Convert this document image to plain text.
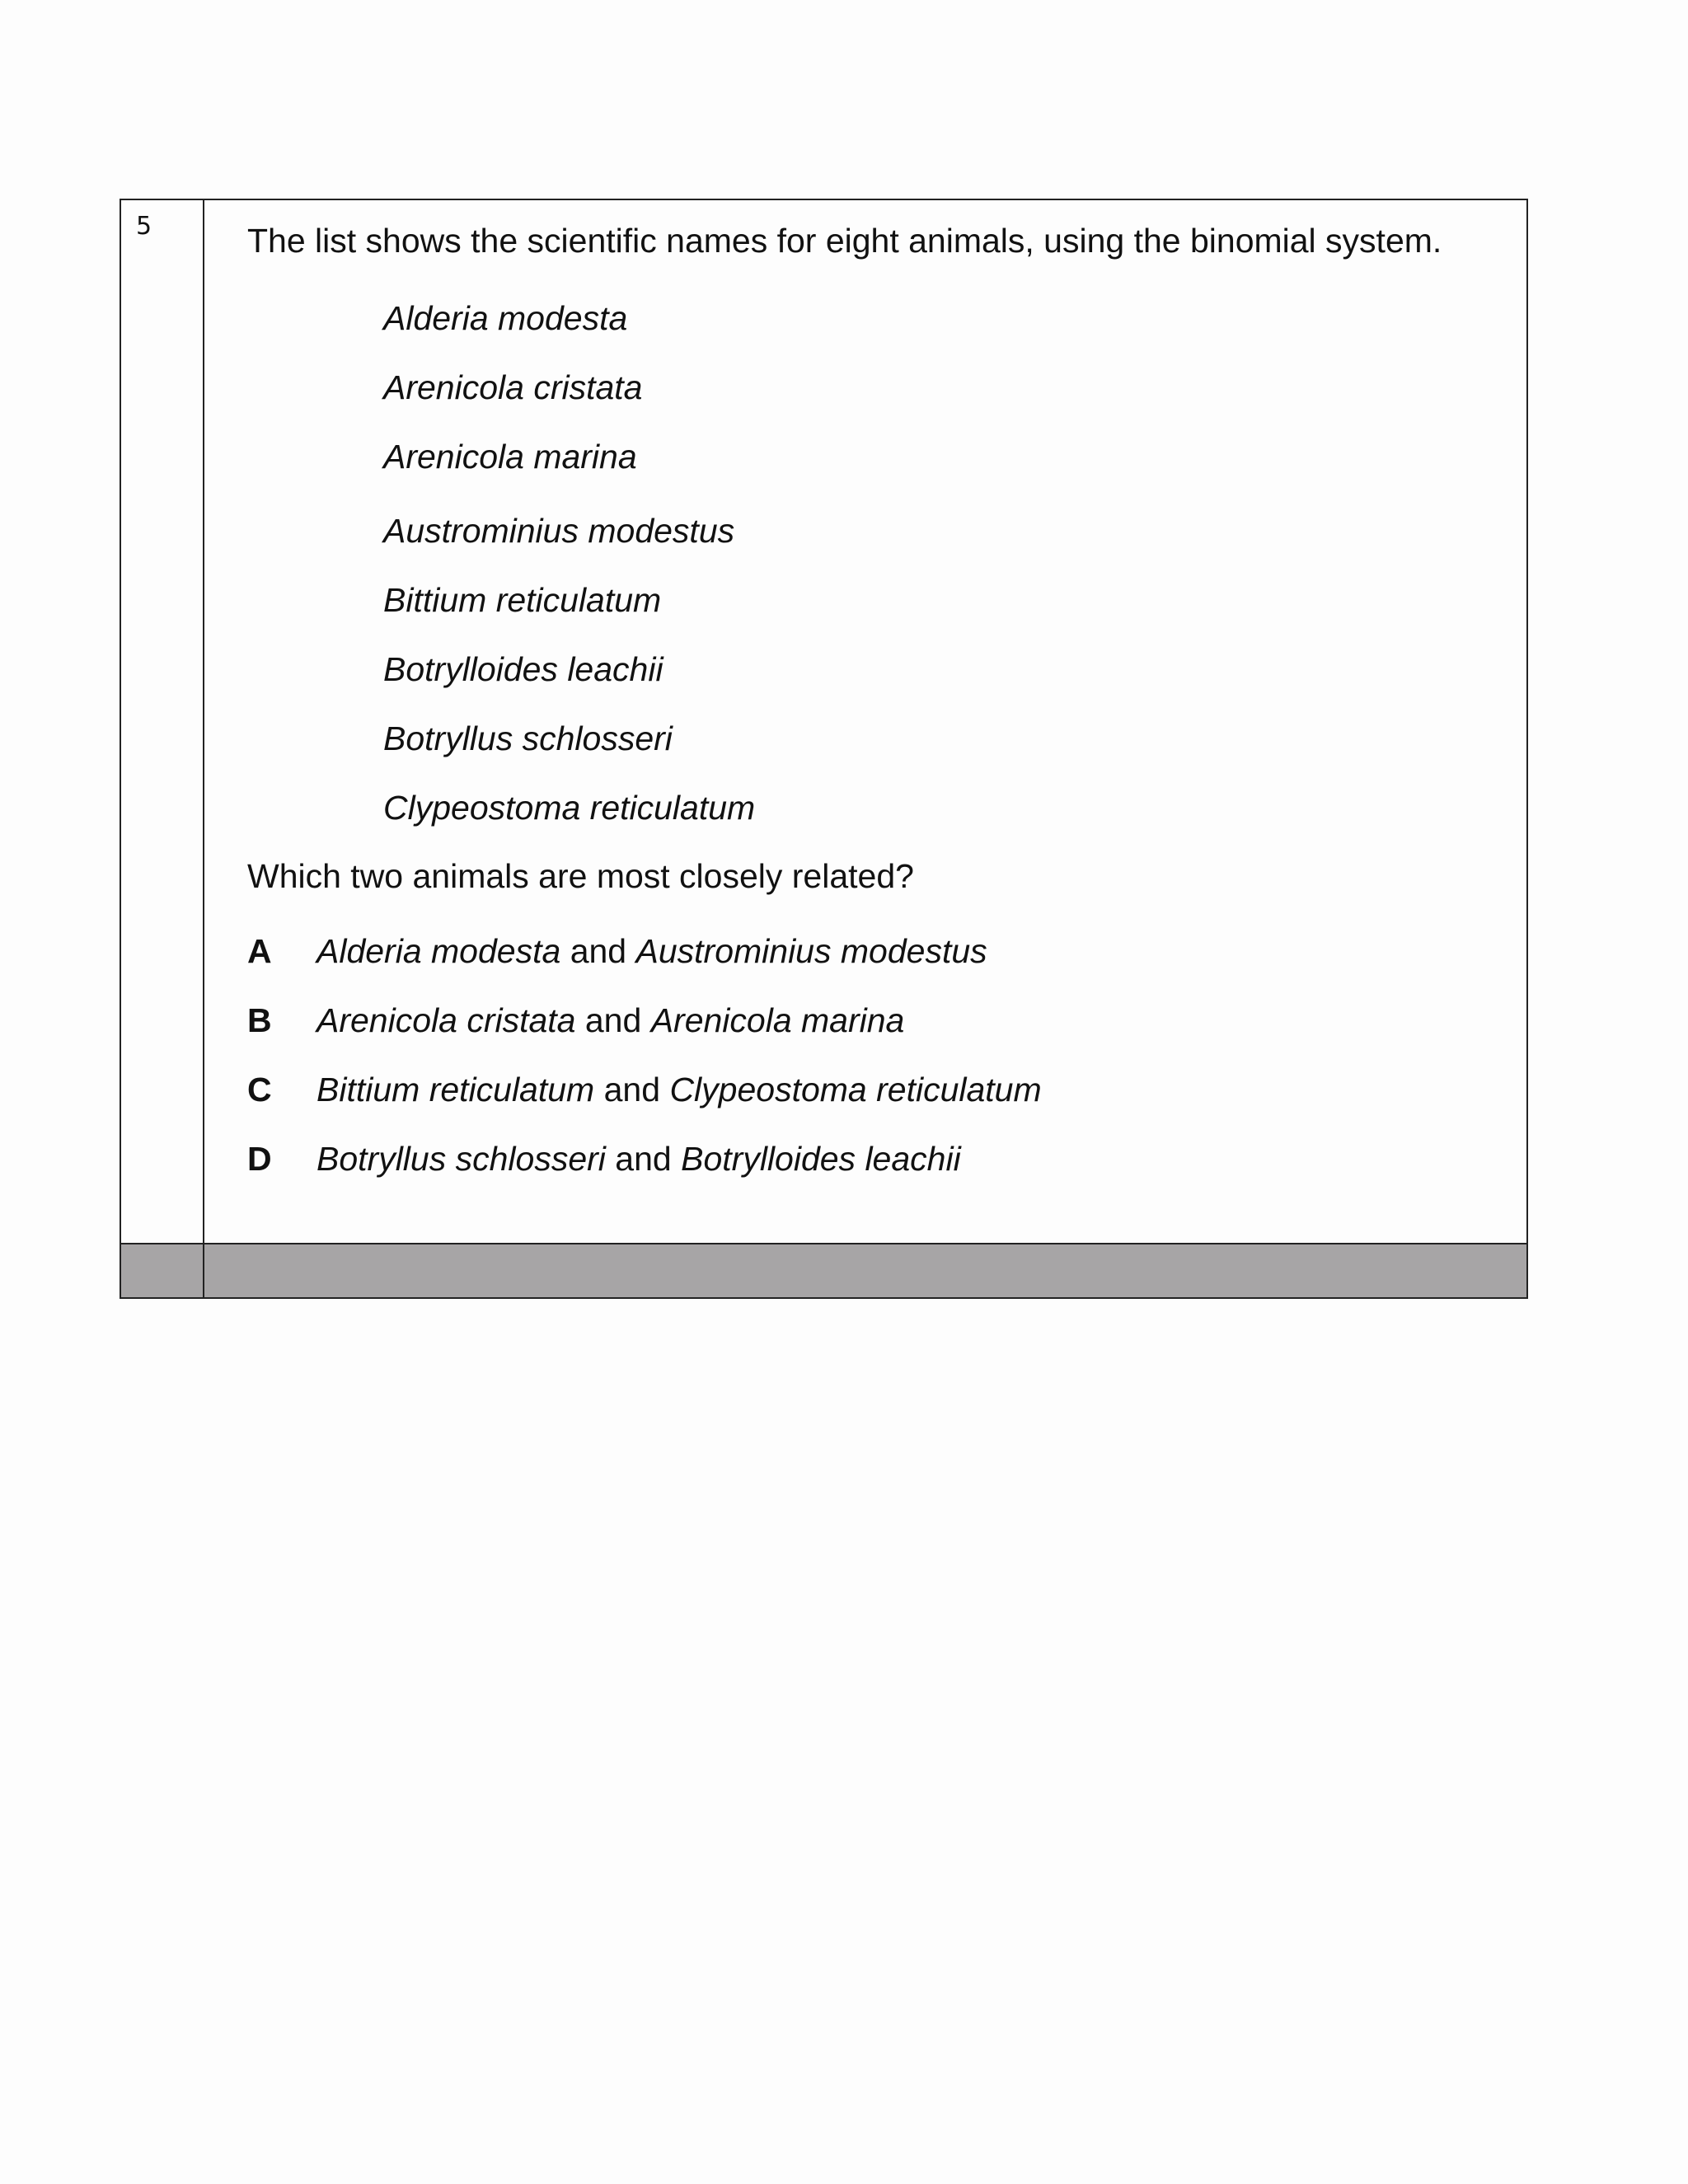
5	The list shows the scientific names for eight animals, using the binomial system.
Alderia modesta
Arenicola cristata
Arenicola marina
Austrominius modestus
Bittium reticulatum
Botrylloides leachii
Botryllus schlosseri
Clypeostoma reticulatum
Which two animals are most closely related?
A Alderia modesta and Austrominius modestus
B Arenicola cristata and Arenicola marina
C Bittium reticulatum and Clypeostoma reticulatum
D Botryllus schlosseri and Botrylloides leachii
